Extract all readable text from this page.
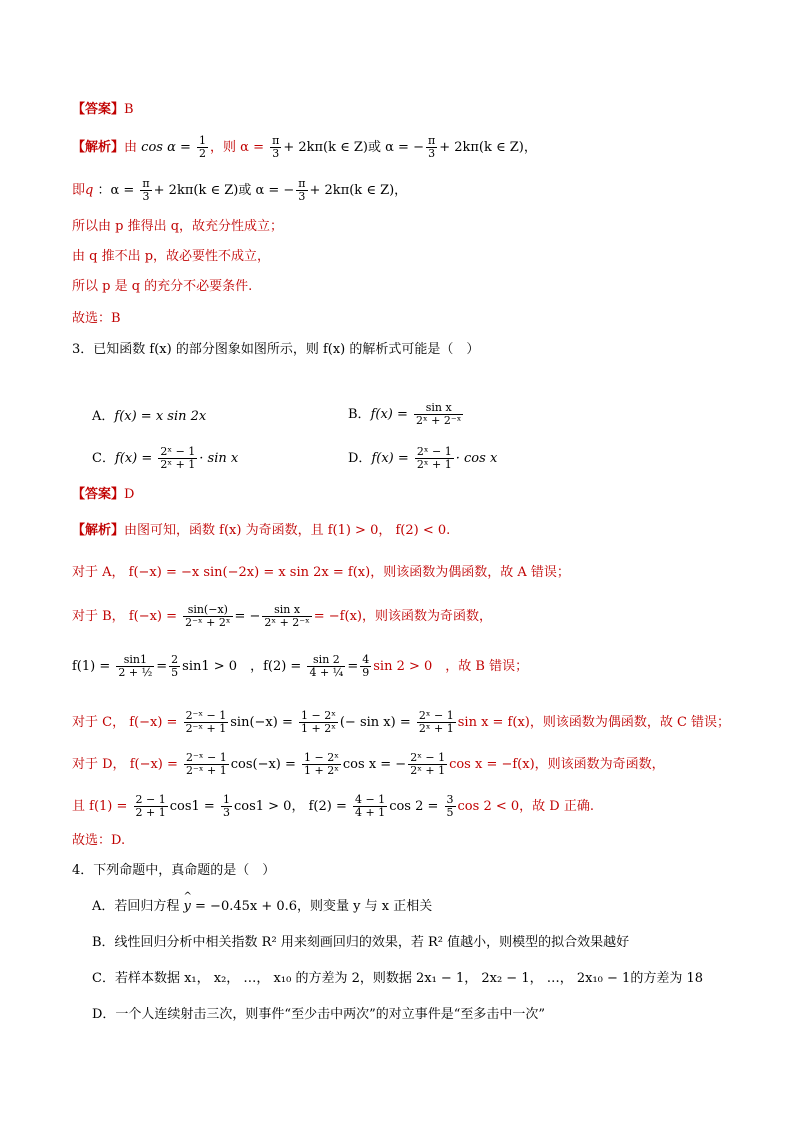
【答案】B
【解析】由 $\cos \alpha = \frac{1}{2}$ ，则 $\alpha = \frac{\pi}{3} + 2k\pi(k$ ∈ Z)或 α = − $\frac{\pi}{3} + 2k\pi(k$ ∈ Z)，
即q ：$\alpha = \frac{\pi}{3} + 2k\pi(k$ ∈ Z)或 α = − $\frac{\pi}{3} + 2k\pi(k$ ∈ Z)，
所以由 p 推得出 q，故充分性成立；
由 q 推不出 p，故必要性不成立，
所以 p 是 q 的充分不必要条件.
故选：B
3．已知函数 f(x) 的部分图象如图所示，则 f(x) 的解析式可能是（　）
A．f(x) = x sin 2x	B．$f(x) = \frac{\text{sin x}}{\text{2ˣ + 2⁻ˣ}}$
C．$f(x) = \frac{\text{2ˣ − 1}}{\text{2ˣ + 1}} \cdot \sin x$	D．$f(x) = \frac{\text{2ˣ − 1}}{\text{2ˣ + 1}} \cdot \cos x$
【答案】D
【解析】由图可知，函数 f(x) 为奇函数，且 f(1) > 0， f(2) < 0.
对于 A， f(−x) = −x sin(−2x) = x sin 2x = f(x)，则该函数为偶函数，故 A 错误；
对于 B， $f(-x) = \frac{\sin(-x)}{\text{2⁻ˣ + 2ˣ}}$ = − $\frac{\text{sin x}}{\text{2ˣ + 2⁻ˣ}} = -f(x)$，则该函数为奇函数，
$f(1) = \frac{\sin 1}{\text{2 + ½}} = \frac{2}{5} \sin 1 > 0$　，$f(2) = \frac{\sin 2}{\text{4 + ¼}} = \frac{4}{9}$ sin 2 > 0　，故 B 错误；
对于 C， $f(-x) = \frac{\text{2⁻ˣ − 1}}{\text{2⁻ˣ + 1}} \sin(-x) = \frac{\text{1 − 2ˣ}}{\text{1 + 2ˣ}}$ (− $\sin x) = \frac{\text{2ˣ − 1}}{\text{2ˣ + 1}}$ sin x = f(x)，则该函数为偶函数，故 C 错误；
对于 D， $f(-x) = \frac{\text{2⁻ˣ − 1}}{\text{2⁻ˣ + 1}} \cos(-x) = \frac{\text{1 − 2ˣ}}{\text{1 + 2ˣ}}$ cos x = − $\frac{\text{2ˣ − 1}}{\text{2ˣ + 1}}$ cos x = −f(x)，则该函数为奇函数，
且 $f(1) = \frac{2 - 1}{2 + 1} \cos 1 = \frac{1}{3} \cos 1 > 0$， $f(2) = \frac{4 - 1}{4 + 1}$ $\cos 2 = \frac{3}{5}$ cos 2 < 0，故 D 正确.
故选：D.
4．下列命题中，真命题的是（　）
A．若回归方程 ^ y = −0.45x + 0.6，则变量 y 与 x 正相关
B．线性回归分析中相关指数 R² 用来刻画回归的效果，若 R² 值越小，则模型的拟合效果越好
C．若样本数据 x₁， x₂， …， x₁₀ 的方差为 2，则数据 2x₁ − 1， 2x₂ − 1， …， 2x₁₀ − 1的方差为 18
D．一个人连续射击三次，则事件“至少击中两次”的对立事件是“至多击中一次”
